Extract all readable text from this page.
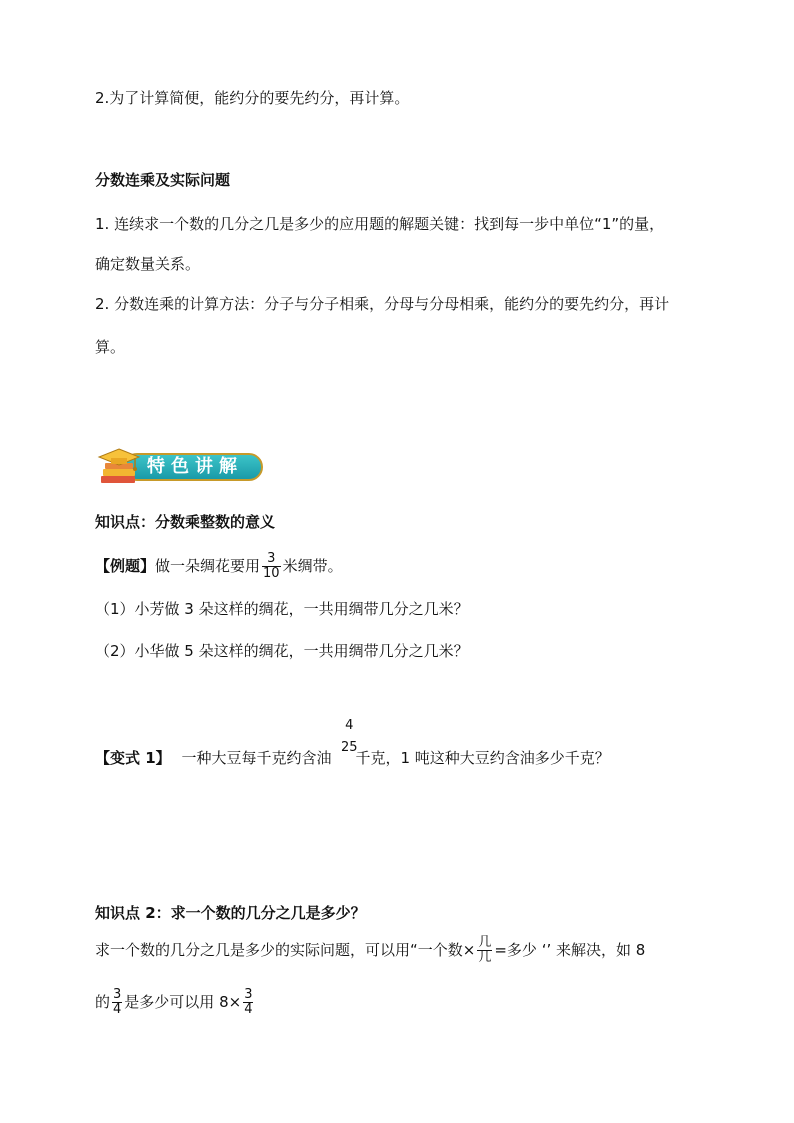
2.为了计算简便，能约分的要先约分，再计算。
分数连乘及实际问题
1. 连续求一个数的几分之几是多少的应用题的解题关键：找到每一步中单位“1”的量，
确定数量关系。
2. 分数连乘的计算方法：分子与分子相乘，分母与分母相乘，能约分的要先约分，再计
算。
特色讲解
知识点：分数乘整数的意义
【例题】做一朵绸花要用 $\frac{3}{10}$ 米绸带。
（1）小芳做 3 朵这样的绸花，一共用绸带几分之几米？
（2）小华做 5 朵这样的绸花，一共用绸带几分之几米？
4
25
【变式 1】 一种大豆每千克约含油 千克，1 吨这种大豆约含油多少千克？
知识点 2：求一个数的几分之几是多少？
求一个数的几分之几是多少的实际问题，可以用“一个数× $\frac{\text{几}}{\text{几}}$ =多少 ‘’ 来解决，如 8
的 $\frac{3}{4}$ 是多少可以用 $8\times \frac{3}{4}$
